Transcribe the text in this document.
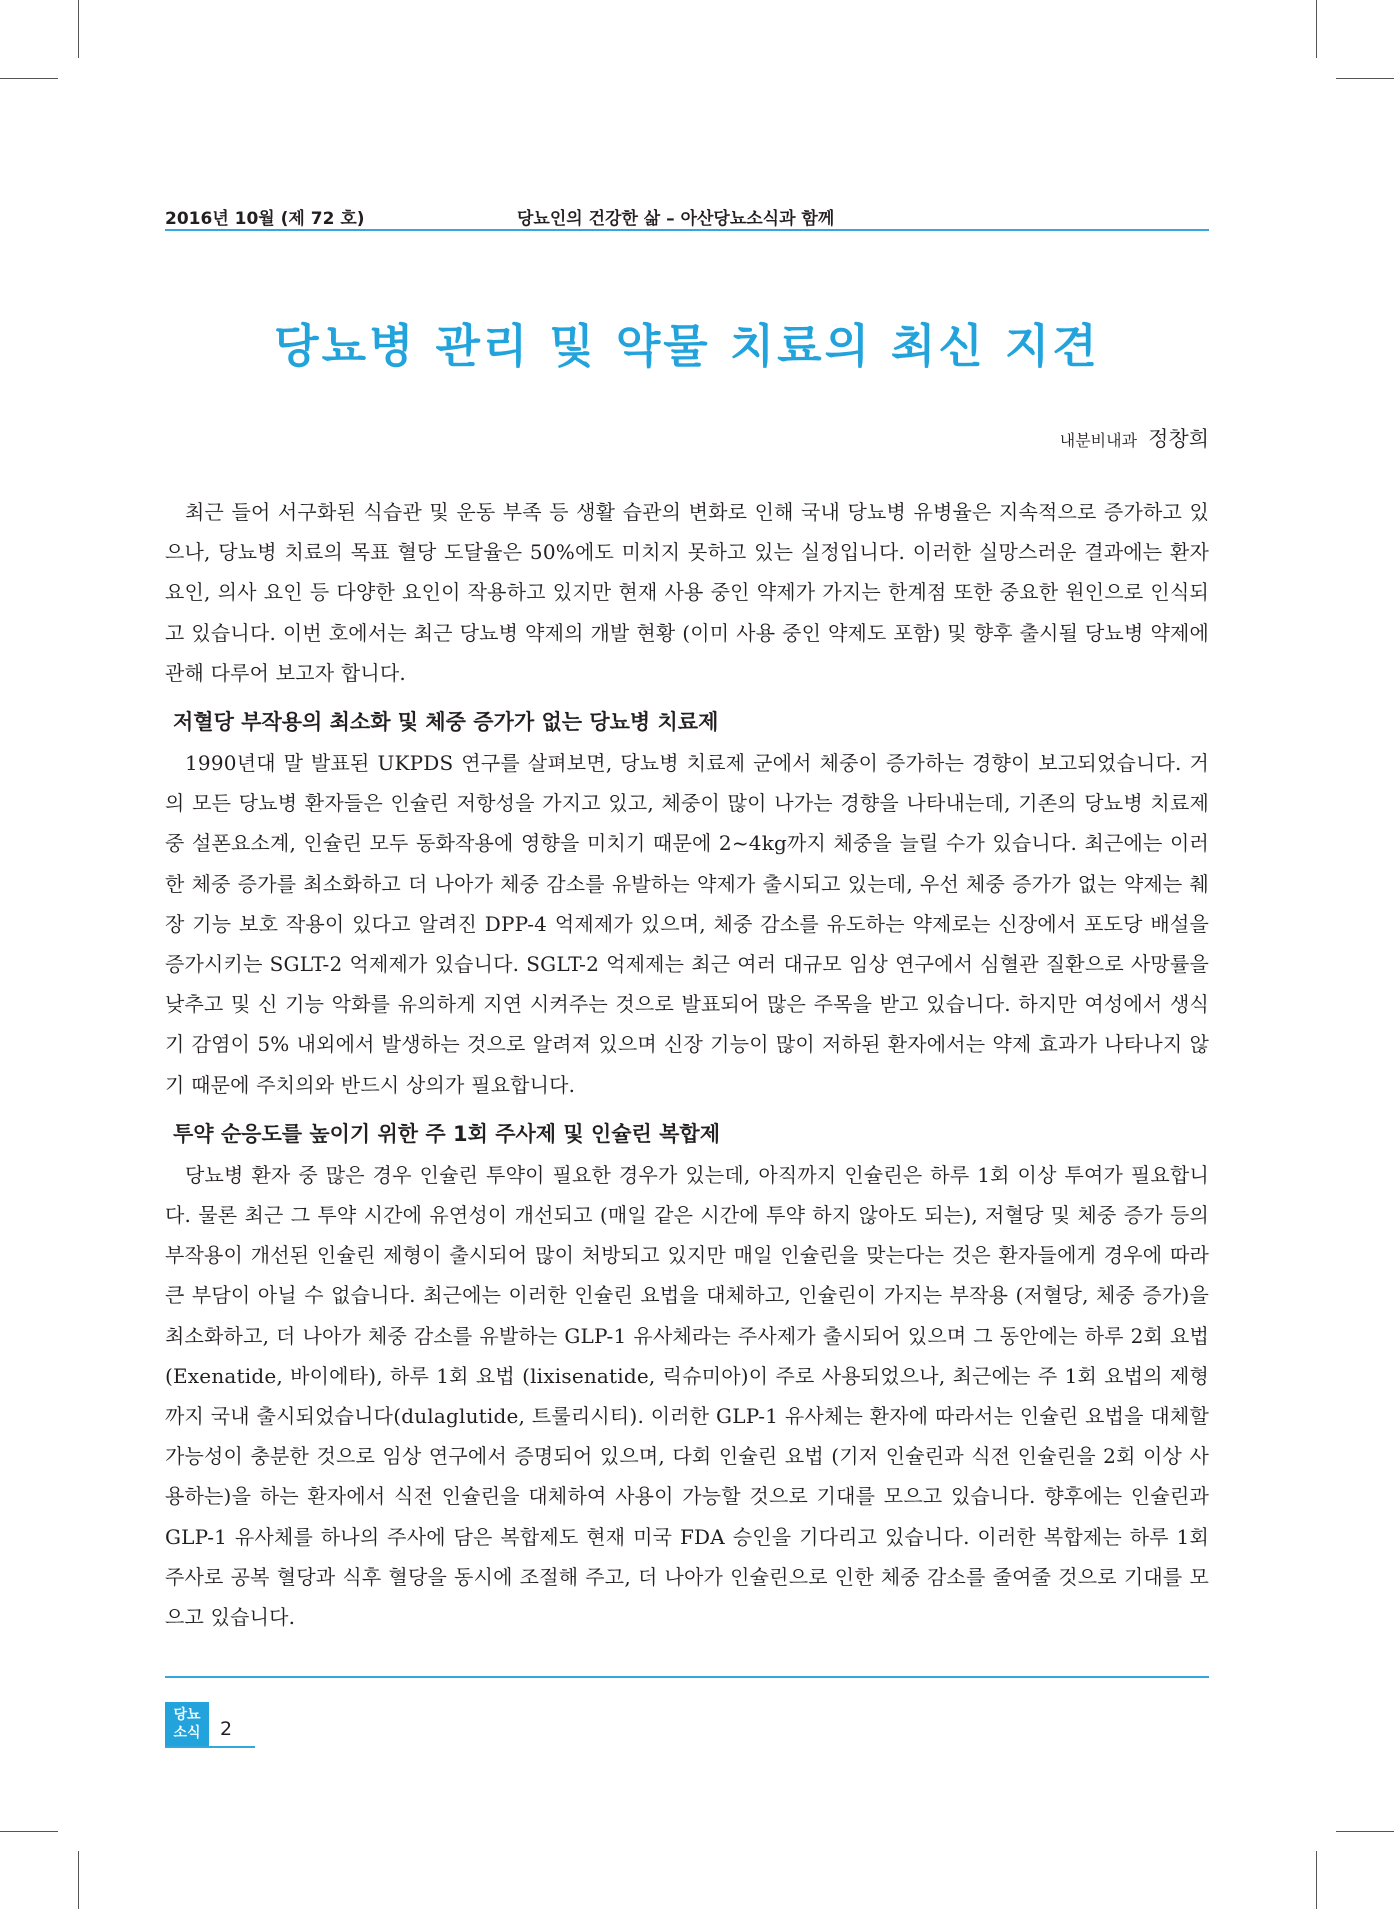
2016년 10월 (제 72 호)	당뇨인의 건강한 삶 – 아산당뇨소식과 함께
당뇨병 관리 및 약물 치료의 최신 지견
내분비내과 정창희

최근 들어 서구화된 식습관 및 운동 부족 등 생활 습관의 변화로 인해 국내 당뇨병 유병율은 지속적으로 증가하고 있으나, 당뇨병 치료의 목표 혈당 도달율은 50%에도 미치지 못하고 있는 실정입니다. 이러한 실망스러운 결과에는 환자 요인, 의사 요인 등 다양한 요인이 작용하고 있지만 현재 사용 중인 약제가 가지는 한계점 또한 중요한 원인으로 인식되고 있습니다. 이번 호에서는 최근 당뇨병 약제의 개발 현황 (이미 사용 중인 약제도 포함) 및 향후 출시될 당뇨병 약제에 관해 다루어 보고자 합니다.

저혈당 부작용의 최소화 및 체중 증가가 없는 당뇨병 치료제

1990년대 말 발표된 UKPDS 연구를 살펴보면, 당뇨병 치료제 군에서 체중이 증가하는 경향이 보고되었습니다. 거의 모든 당뇨병 환자들은 인슐린 저항성을 가지고 있고, 체중이 많이 나가는 경향을 나타내는데, 기존의 당뇨병 치료제 중 설폰요소계, 인슐린 모두 동화작용에 영향을 미치기 때문에 2~4kg까지 체중을 늘릴 수가 있습니다. 최근에는 이러한 체중 증가를 최소화하고 더 나아가 체중 감소를 유발하는 약제가 출시되고 있는데, 우선 체중 증가가 없는 약제는 췌장 기능 보호 작용이 있다고 알려진 DPP-4 억제제가 있으며, 체중 감소를 유도하는 약제로는 신장에서 포도당 배설을 증가시키는 SGLT-2 억제제가 있습니다. SGLT-2 억제제는 최근 여러 대규모 임상 연구에서 심혈관 질환으로 사망률을 낮추고 및 신 기능 악화를 유의하게 지연 시켜주는 것으로 발표되어 많은 주목을 받고 있습니다. 하지만 여성에서 생식기 감염이 5% 내외에서 발생하는 것으로 알려져 있으며 신장 기능이 많이 저하된 환자에서는 약제 효과가 나타나지 않기 때문에 주치의와 반드시 상의가 필요합니다.

투약 순응도를 높이기 위한 주 1회 주사제 및 인슐린 복합제

당뇨병 환자 중 많은 경우 인슐린 투약이 필요한 경우가 있는데, 아직까지 인슐린은 하루 1회 이상 투여가 필요합니다. 물론 최근 그 투약 시간에 유연성이 개선되고 (매일 같은 시간에 투약 하지 않아도 되는), 저혈당 및 체중 증가 등의 부작용이 개선된 인슐린 제형이 출시되어 많이 처방되고 있지만 매일 인슐린을 맞는다는 것은 환자들에게 경우에 따라 큰 부담이 아닐 수 없습니다. 최근에는 이러한 인슐린 요법을 대체하고, 인슐린이 가지는 부작용 (저혈당, 체중 증가)을 최소화하고, 더 나아가 체중 감소를 유발하는 GLP-1 유사체라는 주사제가 출시되어 있으며 그 동안에는 하루 2회 요법 (Exenatide, 바이에타), 하루 1회 요법 (lixisenatide, 릭슈미아)이 주로 사용되었으나, 최근에는 주 1회 요법의 제형까지 국내 출시되었습니다(dulaglutide, 트룰리시티). 이러한 GLP-1 유사체는 환자에 따라서는 인슐린 요법을 대체할 가능성이 충분한 것으로 임상 연구에서 증명되어 있으며, 다회 인슐린 요법 (기저 인슐린과 식전 인슐린을 2회 이상 사용하는)을 하는 환자에서 식전 인슐린을 대체하여 사용이 가능할 것으로 기대를 모으고 있습니다. 향후에는 인슐린과 GLP-1 유사체를 하나의 주사에 담은 복합제도 현재 미국 FDA 승인을 기다리고 있습니다. 이러한 복합제는 하루 1회 주사로 공복 혈당과 식후 혈당을 동시에 조절해 주고, 더 나아가 인슐린으로 인한 체중 감소를 줄여줄 것으로 기대를 모으고 있습니다.

당뇨
소식	2
